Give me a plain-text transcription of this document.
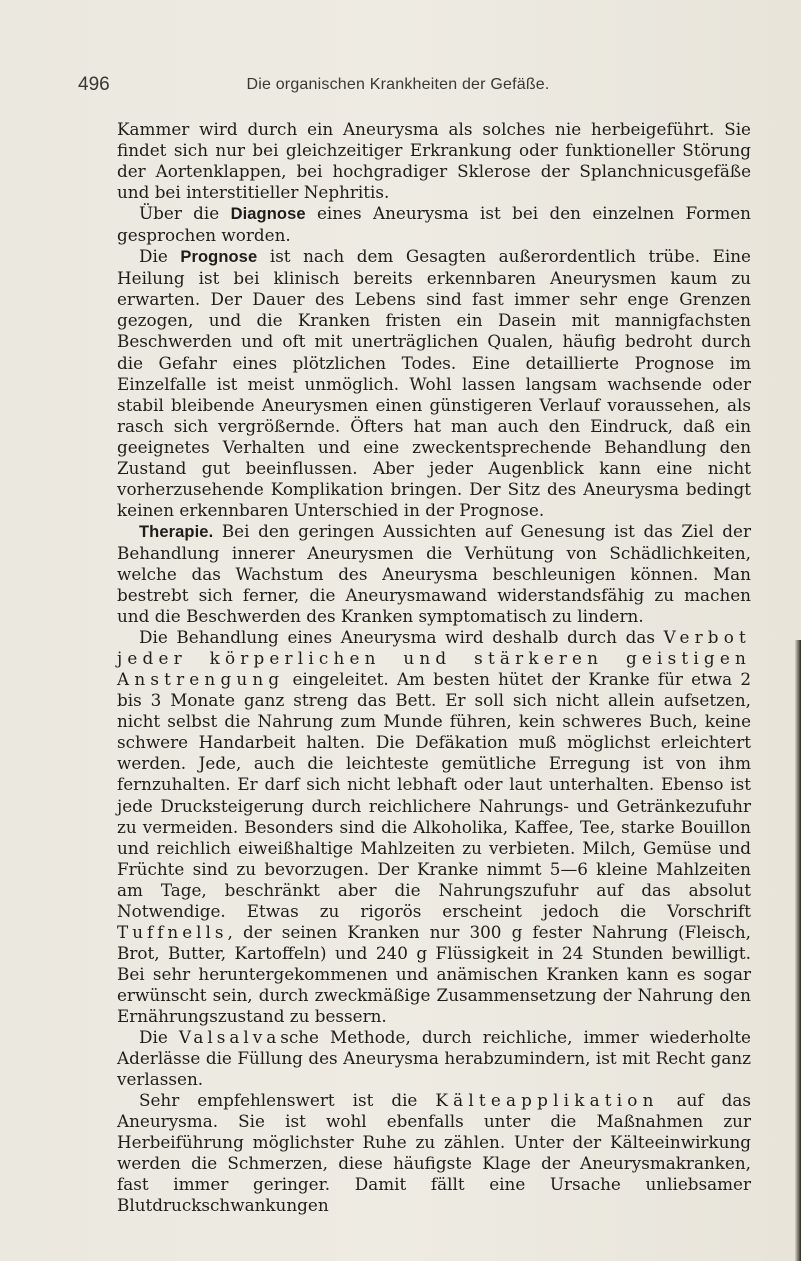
496	Die organischen Krankheiten der Gefäße.

Kammer wird durch ein Aneurysma als solches nie herbeigeführt. Sie findet sich nur bei gleichzeitiger Erkrankung oder funktioneller Störung der Aortenklappen, bei hochgradiger Sklerose der Splanchnicusgefäße und bei interstitieller Nephritis.

Über die Diagnose eines Aneurysma ist bei den einzelnen Formen gesprochen worden.

Die Prognose ist nach dem Gesagten außerordentlich trübe. Eine Heilung ist bei klinisch bereits erkennbaren Aneurysmen kaum zu erwarten. Der Dauer des Lebens sind fast immer sehr enge Grenzen gezogen, und die Kranken fristen ein Dasein mit mannigfachsten Beschwerden und oft mit unerträglichen Qualen, häufig bedroht durch die Gefahr eines plötzlichen Todes. Eine detaillierte Prognose im Einzelfalle ist meist unmöglich. Wohl lassen langsam wachsende oder stabil bleibende Aneurysmen einen günstigeren Verlauf voraussehen, als rasch sich vergrößernde. Öfters hat man auch den Eindruck, daß ein geeignetes Verhalten und eine zweckentsprechende Behandlung den Zustand gut beeinflussen. Aber jeder Augenblick kann eine nicht vorherzusehende Komplikation bringen. Der Sitz des Aneurysma bedingt keinen erkennbaren Unterschied in der Prognose.

Therapie. Bei den geringen Aussichten auf Genesung ist das Ziel der Behandlung innerer Aneurysmen die Verhütung von Schädlichkeiten, welche das Wachstum des Aneurysma beschleunigen können. Man bestrebt sich ferner, die Aneurysmawand widerstandsfähig zu machen und die Beschwerden des Kranken symptomatisch zu lindern.

Die Behandlung eines Aneurysma wird deshalb durch das Verbot jeder körperlichen und stärkeren geistigen Anstrengung eingeleitet. Am besten hütet der Kranke für etwa 2 bis 3 Monate ganz streng das Bett. Er soll sich nicht allein aufsetzen, nicht selbst die Nahrung zum Munde führen, kein schweres Buch, keine schwere Handarbeit halten. Die Defäkation muß möglichst erleichtert werden. Jede, auch die leichteste gemütliche Erregung ist von ihm fernzuhalten. Er darf sich nicht lebhaft oder laut unterhalten. Ebenso ist jede Drucksteigerung durch reichlichere Nahrungs- und Getränkezufuhr zu vermeiden. Besonders sind die Alkoholika, Kaffee, Tee, starke Bouillon und reichlich eiweißhaltige Mahlzeiten zu verbieten. Milch, Gemüse und Früchte sind zu bevorzugen. Der Kranke nimmt 5—6 kleine Mahlzeiten am Tage, beschränkt aber die Nahrungszufuhr auf das absolut Notwendige. Etwas zu rigorös erscheint jedoch die Vorschrift Tuffnells, der seinen Kranken nur 300 g fester Nahrung (Fleisch, Brot, Butter, Kartoffeln) und 240 g Flüssigkeit in 24 Stunden bewilligt. Bei sehr heruntergekommenen und anämischen Kranken kann es sogar erwünscht sein, durch zweckmäßige Zusammensetzung der Nahrung den Ernährungszustand zu bessern.

Die Valsalvasche Methode, durch reichliche, immer wiederholte Aderlässe die Füllung des Aneurysma herabzumindern, ist mit Recht ganz verlassen.

Sehr empfehlenswert ist die Kälteapplikation auf das Aneurysma. Sie ist wohl ebenfalls unter die Maßnahmen zur Herbeiführung möglichster Ruhe zu zählen. Unter der Kälteeinwirkung werden die Schmerzen, diese häufigste Klage der Aneurysmakranken, fast immer geringer. Damit fällt eine Ursache unliebsamer Blutdruckschwankungen
